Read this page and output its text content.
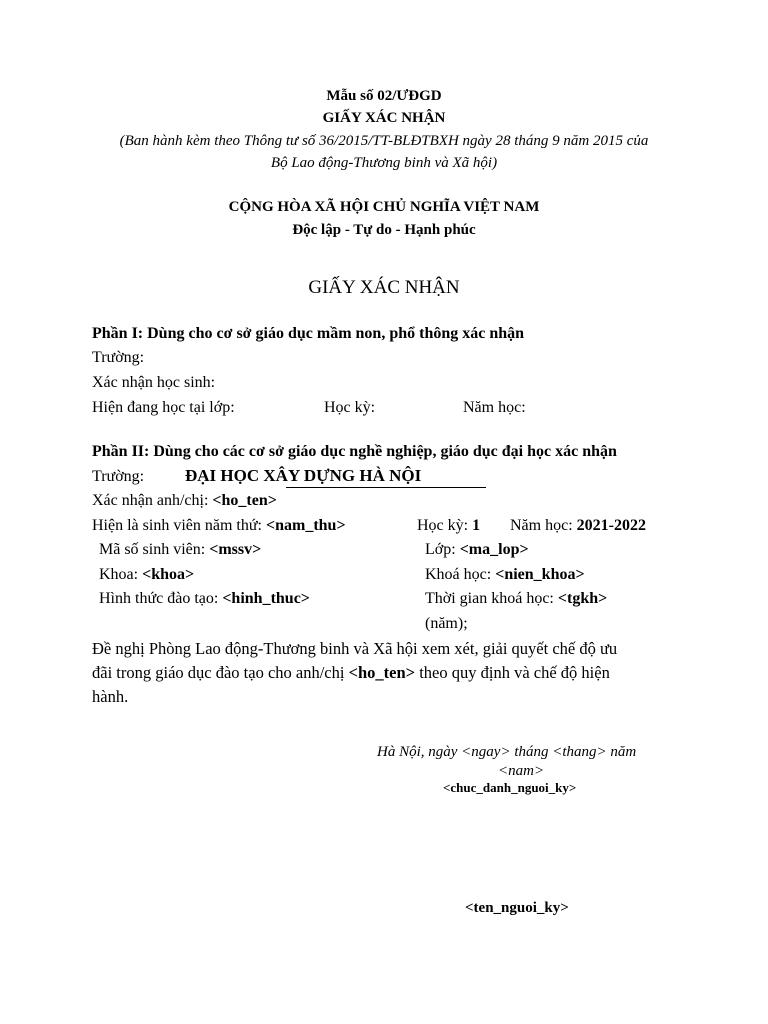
Mẫu số 02/ƯĐGD
GIẤY XÁC NHẬN
(Ban hành kèm theo Thông tư số 36/2015/TT-BLĐTBXH ngày 28 tháng 9 năm 2015 của
Bộ Lao động-Thương binh và Xã hội)
CỘNG HÒA XÃ HỘI CHỦ NGHĨA VIỆT NAM
Độc lập - Tự do - Hạnh phúc
GIẤY XÁC NHẬN
Phần I: Dùng cho cơ sở giáo dục mầm non, phổ thông xác nhận
Trường:
Xác nhận học sinh:
Hiện đang học tại lớp:	Học kỳ:	Năm học:
Phần II: Dùng cho các cơ sở giáo dục nghề nghiệp, giáo dục đại học xác nhận
Trường: ĐẠI HỌC XÂY DỰNG HÀ NỘI
Xác nhận anh/chị: <ho_ten>
Hiện là sinh viên năm thứ: <nam_thu>	Học kỳ: 1 Năm học: 2021-2022
Mã số sinh viên: <mssv>	Lớp: <ma_lop>
Khoa: <khoa>	Khoá học: <nien_khoa>
Hình thức đào tạo: <hinh_thuc>	Thời gian khoá học: <tgkh>
(năm);
Đề nghị Phòng Lao động-Thương binh và Xã hội xem xét, giải quyết chế độ ưu
đãi trong giáo dục đào tạo cho anh/chị <ho_ten> theo quy định và chế độ hiện
hành.
Hà Nội, ngày <ngay> tháng <thang> năm
<nam>
<chuc_danh_nguoi_ky>
<ten_nguoi_ky>
